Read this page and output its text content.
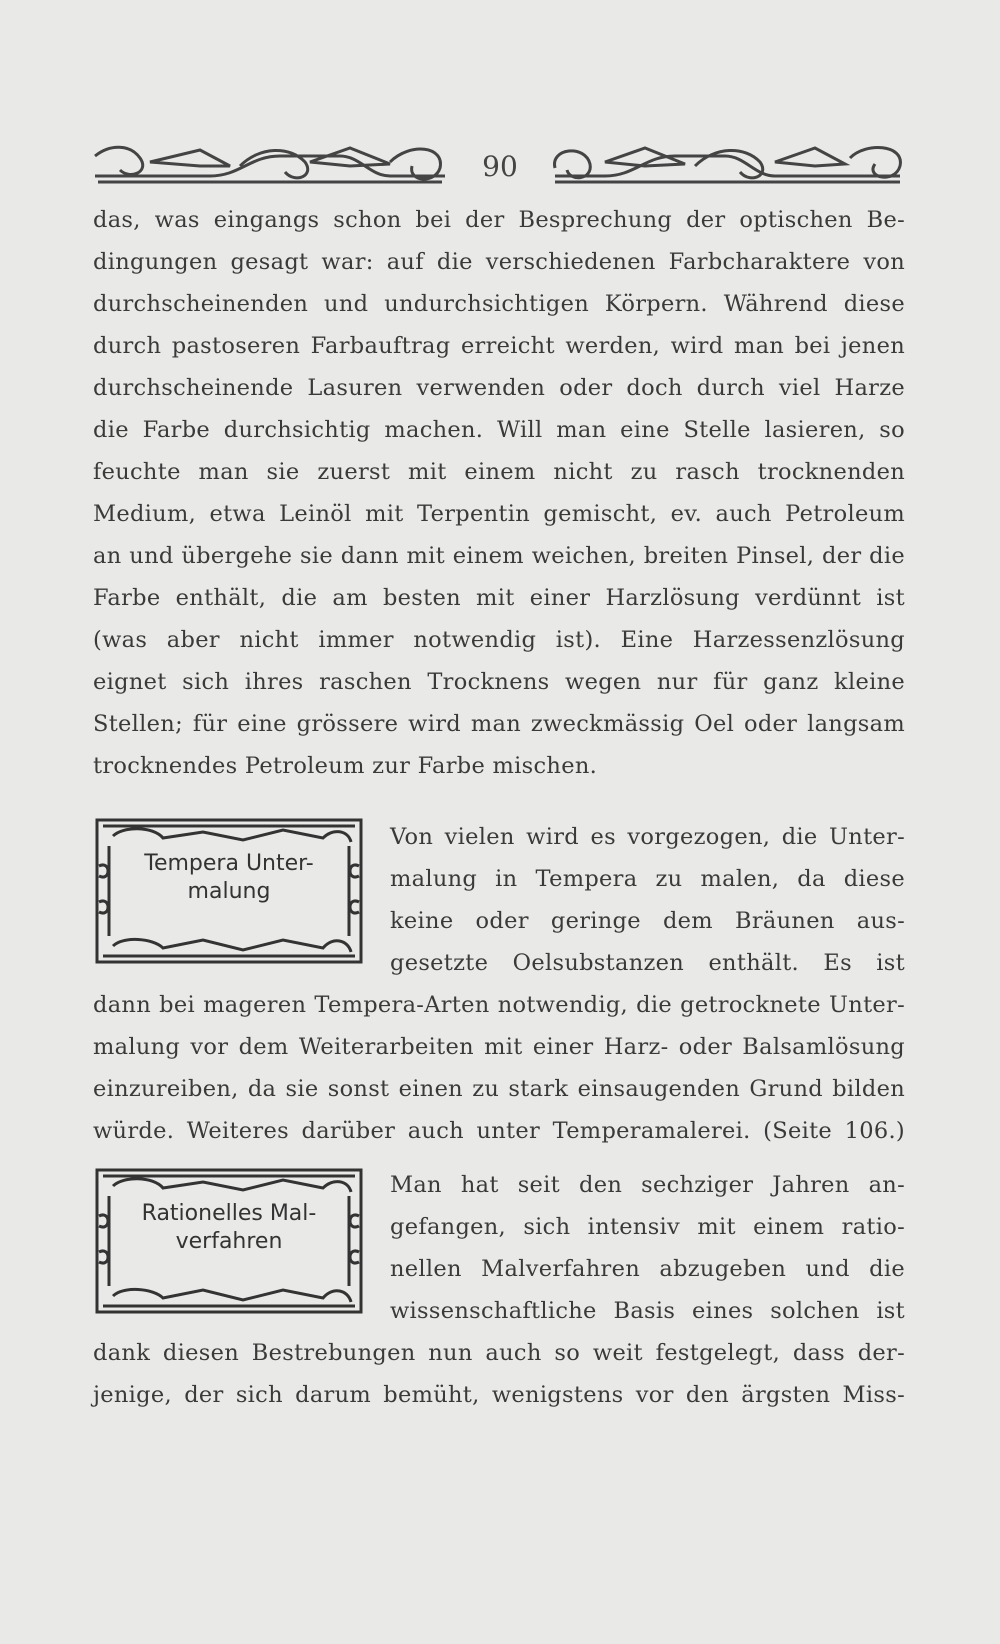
90
das, was eingangs schon bei der Besprechung der optischen Be-
dingungen gesagt war: auf die verschiedenen Farbcharaktere von
durchscheinenden und undurchsichtigen Körpern. Während diese
durch pastoseren Farbauftrag erreicht werden, wird man bei jenen
durchscheinende Lasuren verwenden oder doch durch viel Harze
die Farbe durchsichtig machen. Will man eine Stelle lasieren, so
feuchte man sie zuerst mit einem nicht zu rasch trocknenden
Medium, etwa Leinöl mit Terpentin gemischt, ev. auch Petroleum
an und übergehe sie dann mit einem weichen, breiten Pinsel, der die
Farbe enthält, die am besten mit einer Harzlösung verdünnt ist
(was aber nicht immer notwendig ist). Eine Harzessenzlösung
eignet sich ihres raschen Trocknens wegen nur für ganz kleine
Stellen; für eine grössere wird man zweckmässig Oel oder langsam
trocknendes Petroleum zur Farbe mischen.
Tempera Unter-
malung
Von vielen wird es vorgezogen, die Unter-
malung in Tempera zu malen, da diese
keine oder geringe dem Bräunen aus-
gesetzte Oelsubstanzen enthält. Es ist
dann bei mageren Tempera-Arten notwendig, die getrocknete Unter-
malung vor dem Weiterarbeiten mit einer Harz- oder Balsamlösung
einzureiben, da sie sonst einen zu stark einsaugenden Grund bilden
würde. Weiteres darüber auch unter Temperamalerei. (Seite 106.)
Rationelles Mal-
verfahren
Man hat seit den sechziger Jahren an-
gefangen, sich intensiv mit einem ratio-
nellen Malverfahren abzugeben und die
wissenschaftliche Basis eines solchen ist
dank diesen Bestrebungen nun auch so weit festgelegt, dass der-
jenige, der sich darum bemüht, wenigstens vor den ärgsten Miss-
